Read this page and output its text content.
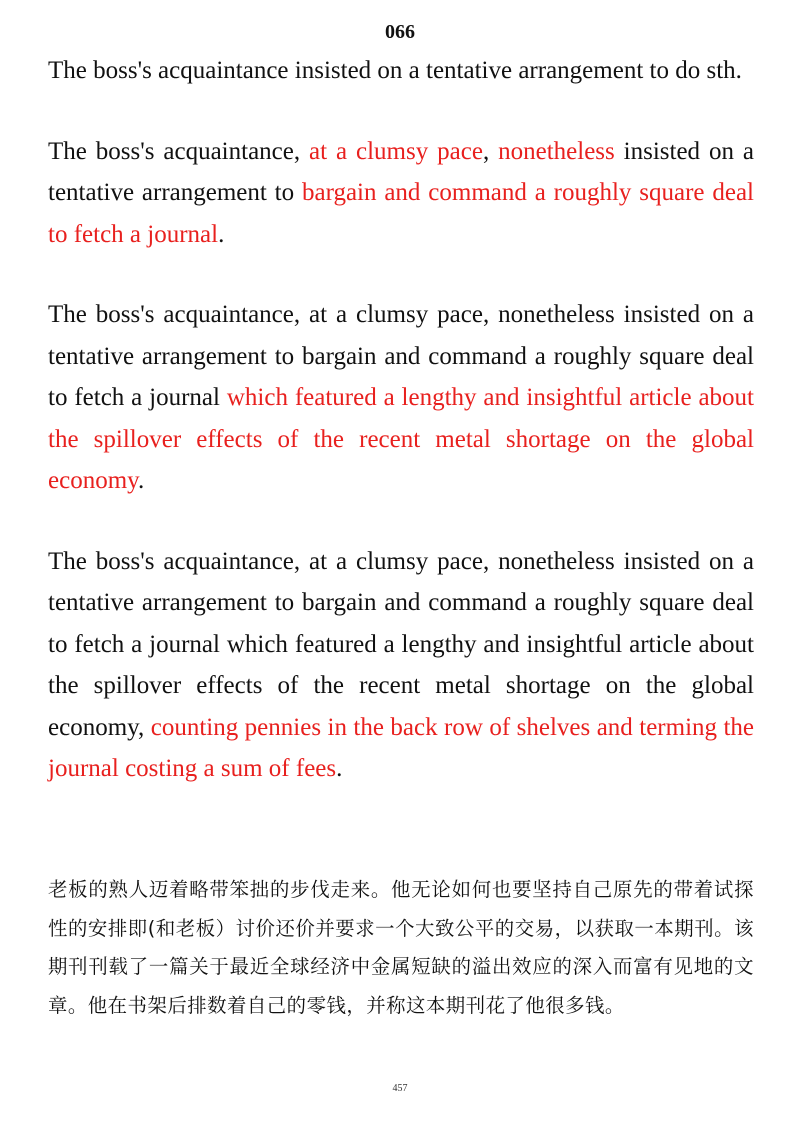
066

The boss's acquaintance insisted on a tentative arrangement to do sth.

The boss's acquaintance, at a clumsy pace, nonetheless insisted on a tentative arrangement to bargain and command a roughly square deal to fetch a journal.

The boss's acquaintance, at a clumsy pace, nonetheless insisted on a tentative arrangement to bargain and command a roughly square deal to fetch a journal which featured a lengthy and insightful article about the spillover effects of the recent metal shortage on the global economy.

The boss's acquaintance, at a clumsy pace, nonetheless insisted on a tentative arrangement to bargain and command a roughly square deal to fetch a journal which featured a lengthy and insightful article about the spillover effects of the recent metal shortage on the global economy, counting pennies in the back row of shelves and terming the journal costing a sum of fees.

老板的熟人迈着略带笨拙的步伐走来。他无论如何也要坚持自己原先的带着试探性的安排即(和老板）讨价还价并要求一个大致公平的交易，以获取一本期刊。该期刊刊载了一篇关于最近全球经济中金属短缺的溢出效应的深入而富有见地的文章。他在书架后排数着自己的零钱，并称这本期刊花了他很多钱。

457
